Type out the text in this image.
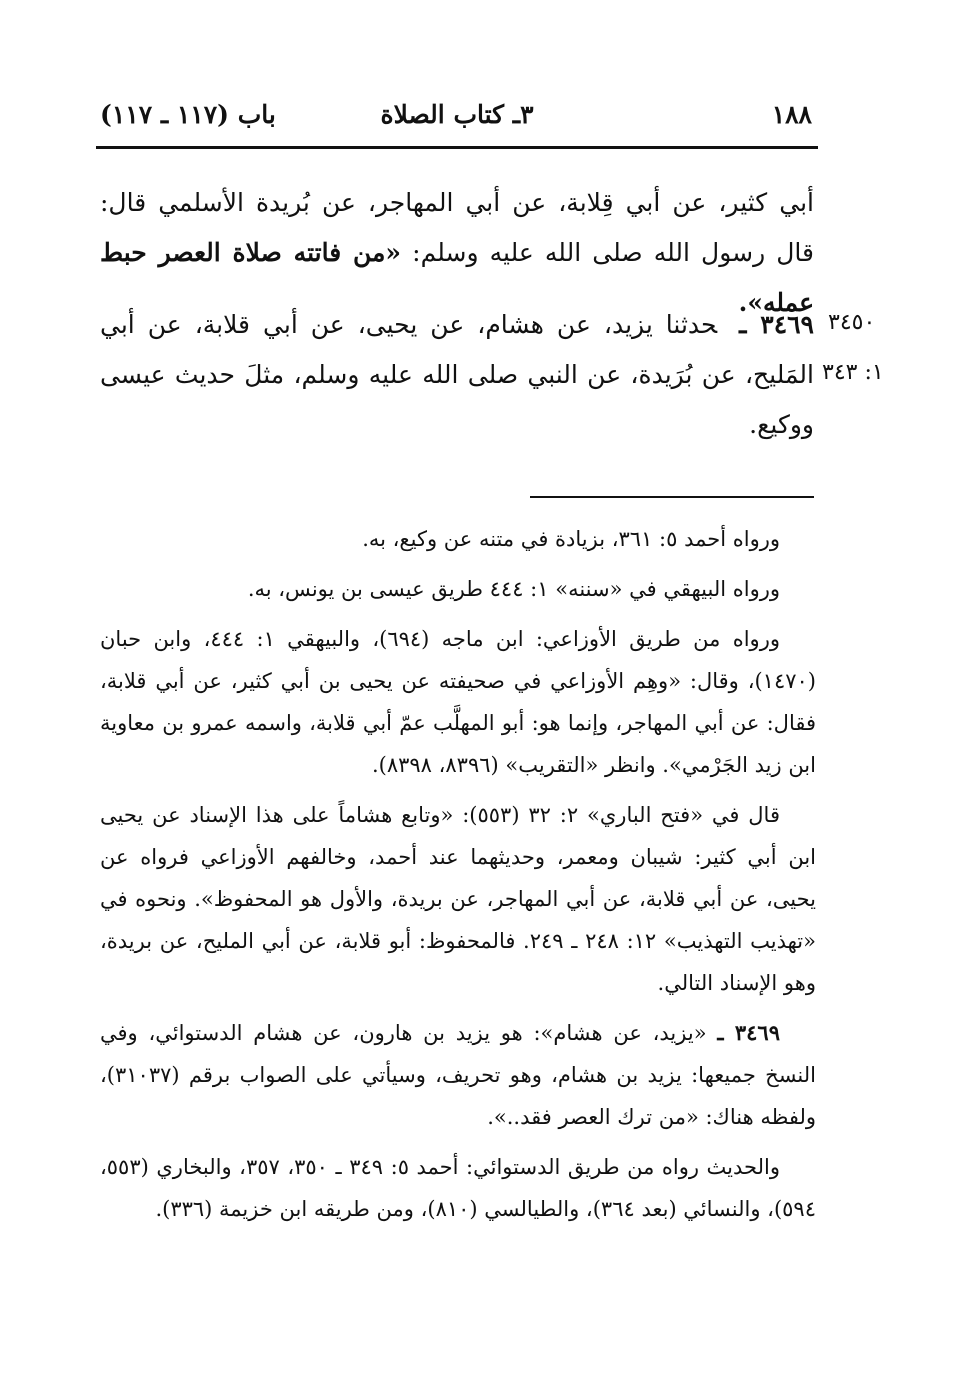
١٨٨
٣ـ كتاب الصلاة
باب (١١٧ ـ ١١٧)
أبي كثير، عن أبي قِلابة، عن أبي المهاجر، عن بُريدة الأسلمي قال: قال رسول الله صلى الله عليه وسلم: «من فاتته صلاة العصر حبط عمله».
٣٤٦٩ ـحدثنا يزيد، عن هشام، عن يحيى، عن أبي قلابة، عن أبي المَليح، عن بُرَيدة، عن النبي صلى الله عليه وسلم، مثلَ حديث عيسى ووكيع.
٣٤٥٠
١: ٣٤٣

ورواه أحمد ٥: ٣٦١، بزيادة في متنه عن وكيع، به.

ورواه البيهقي في «سننه» ١: ٤٤٤ طريق عيسى بن يونس، به.

ورواه من طريق الأوزاعي: ابن ماجه (٦٩٤)، والبيهقي ١: ٤٤٤، وابن حبان (١٤٧٠)، وقال: «وهِم الأوزاعي في صحيفته عن يحيى بن أبي كثير، عن أبي قلابة، فقال: عن أبي المهاجر، وإنما هو: أبو المهلَّب عمّ أبي قلابة، واسمه عمرو بن معاوية ابن زيد الجَرْمي». وانظر «التقريب» (٨٣٩٦، ٨٣٩٨).

قال في «فتح الباري» ٢: ٣٢ (٥٥٣): «وتابع هشاماً على هذا الإسناد عن يحيى ابن أبي كثير: شيبان ومعمر، وحديثهما عند أحمد، وخالفهم الأوزاعي فرواه عن يحيى، عن أبي قلابة، عن أبي المهاجر، عن بريدة، والأول هو المحفوظ». ونحوه في «تهذيب التهذيب» ١٢: ٢٤٨ ـ ٢٤٩. فالمحفوظ: أبو قلابة، عن أبي المليح، عن بريدة، وهو الإسناد التالي.

٣٤٦٩ ـ «يزيد، عن هشام»: هو يزيد بن هارون، عن هشام الدستوائي، وفي النسخ جميعها: يزيد بن هشام، وهو تحريف، وسيأتي على الصواب برقم (٣١٠٣٧)، ولفظه هناك: «من ترك العصر فقد..».

والحديث رواه من طريق الدستوائي: أحمد ٥: ٣٤٩ ـ ٣٥٠، ٣٥٧، والبخاري (٥٥٣، ٥٩٤)، والنسائي (بعد ٣٦٤)، والطيالسي (٨١٠)، ومن طريقه ابن خزيمة (٣٣٦).
